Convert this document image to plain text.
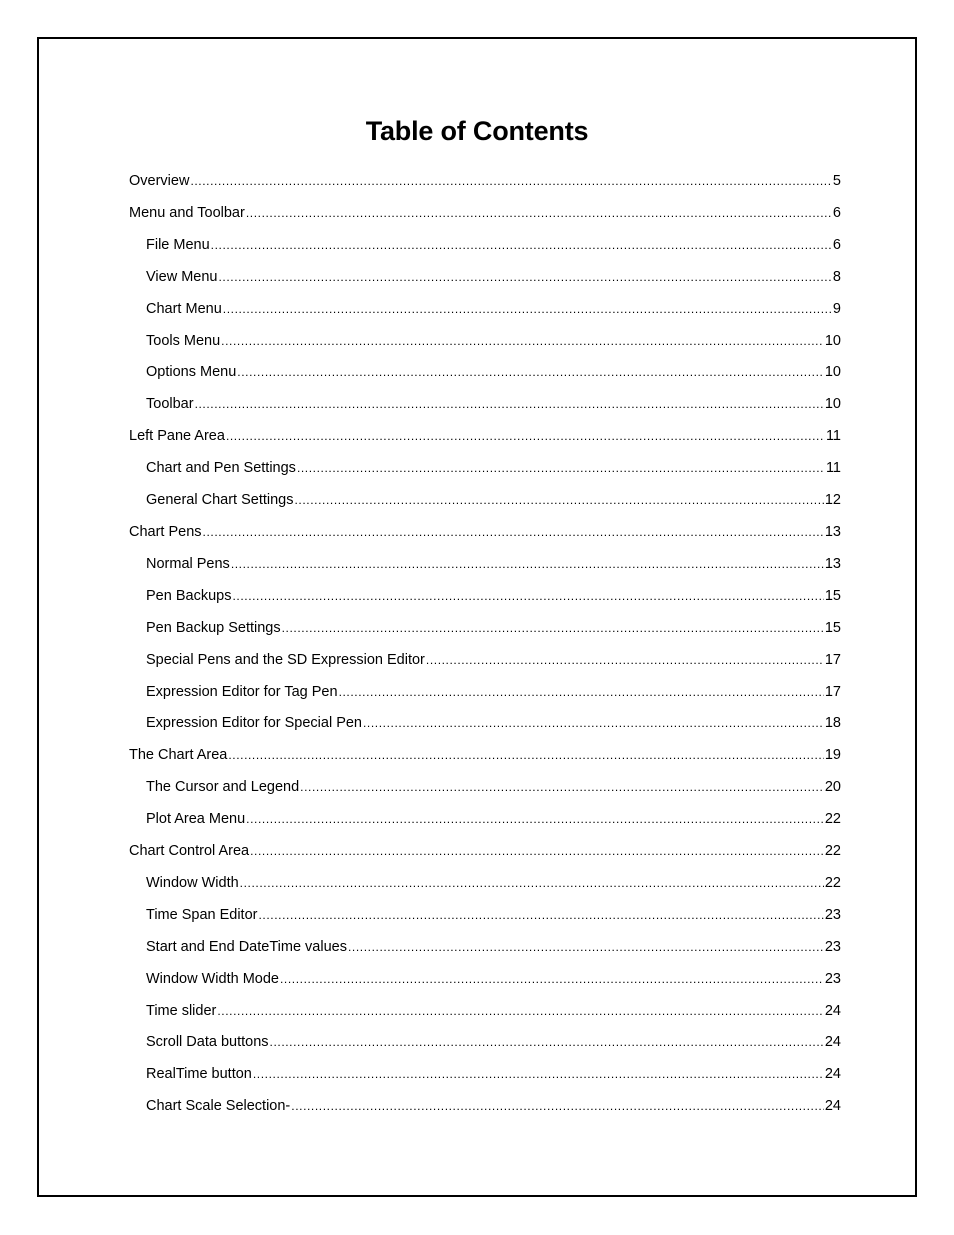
Table of Contents
Overview .....	5
Menu and Toolbar .....	6
File Menu .....	6
View Menu .....	8
Chart Menu .....	9
Tools Menu .....	10
Options Menu .....	10
Toolbar .....	10
Left Pane Area .....	11
Chart and Pen Settings .....	11
General Chart Settings .....	12
Chart Pens .....	13
Normal Pens .....	13
Pen Backups .....	15
Pen Backup Settings .....	15
Special Pens and the SD Expression Editor .....	17
Expression Editor for Tag Pen .....	17
Expression Editor for Special Pen .....	18
The Chart Area .....	19
The Cursor and Legend .....	20
Plot Area Menu .....	22
Chart Control Area .....	22
Window Width .....	22
Time Span Editor .....	23
Start and End DateTime values .....	23
Window Width Mode .....	23
Time slider .....	24
Scroll Data buttons .....	24
RealTime button .....	24
Chart Scale Selection- .....	24
